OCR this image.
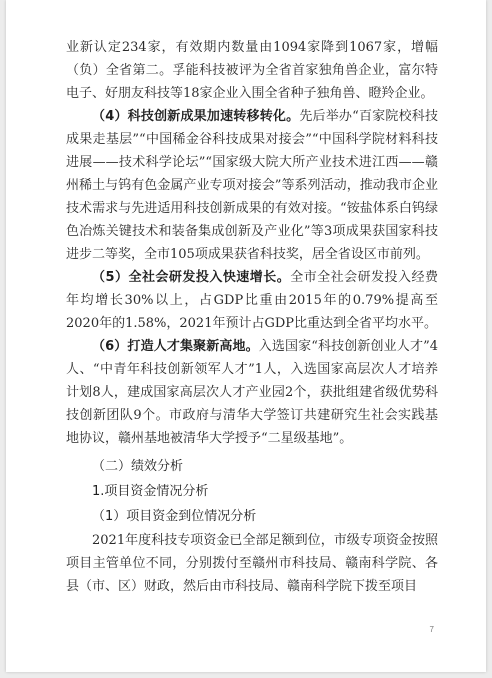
业新认定234家，有效期内数量由1094家降到1067家，增幅（负）全省第二。孚能科技被评为全省首家独角兽企业，富尔特电子、好朋友科技等18家企业入围全省种子独角兽、瞪羚企业。

（4）科技创新成果加速转移转化。先后举办“百家院校科技成果走基层”“中国稀金谷科技成果对接会”“中国科学院材料科技进展——技术科学论坛”“国家级大院大所产业技术进江西——赣州稀土与钨有色金属产业专项对接会”等系列活动，推动我市企业技术需求与先进适用科技创新成果的有效对接。“铵盐体系白钨绿色冶炼关键技术和装备集成创新及产业化”等3项成果获国家科技进步二等奖，全市105项成果获省科技奖，居全省设区市前列。

（5）全社会研发投入快速增长。全市全社会研发投入经费年均增长30%以上，占GDP比重由2015年的0.79%提高至2020年的1.58%，2021年预计占GDP比重达到全省平均水平。

（6）打造人才集聚新高地。入选国家“科技创新创业人才”4人、“中青年科技创新领军人才”1人，入选国家高层次人才培养计划8人，建成国家高层次人才产业园2个，获批组建省级优势科技创新团队9个。市政府与清华大学签订共建研究生社会实践基地协议，赣州基地被清华大学授予“二星级基地”。

（二）绩效分析
1.项目资金情况分析
（1）项目资金到位情况分析

2021年度科技专项资金已全部足额到位，市级专项资金按照项目主管单位不同，分别拨付至赣州市科技局、赣南科学院、各县（市、区）财政，然后由市科技局、赣南科学院下拨至项目

7
